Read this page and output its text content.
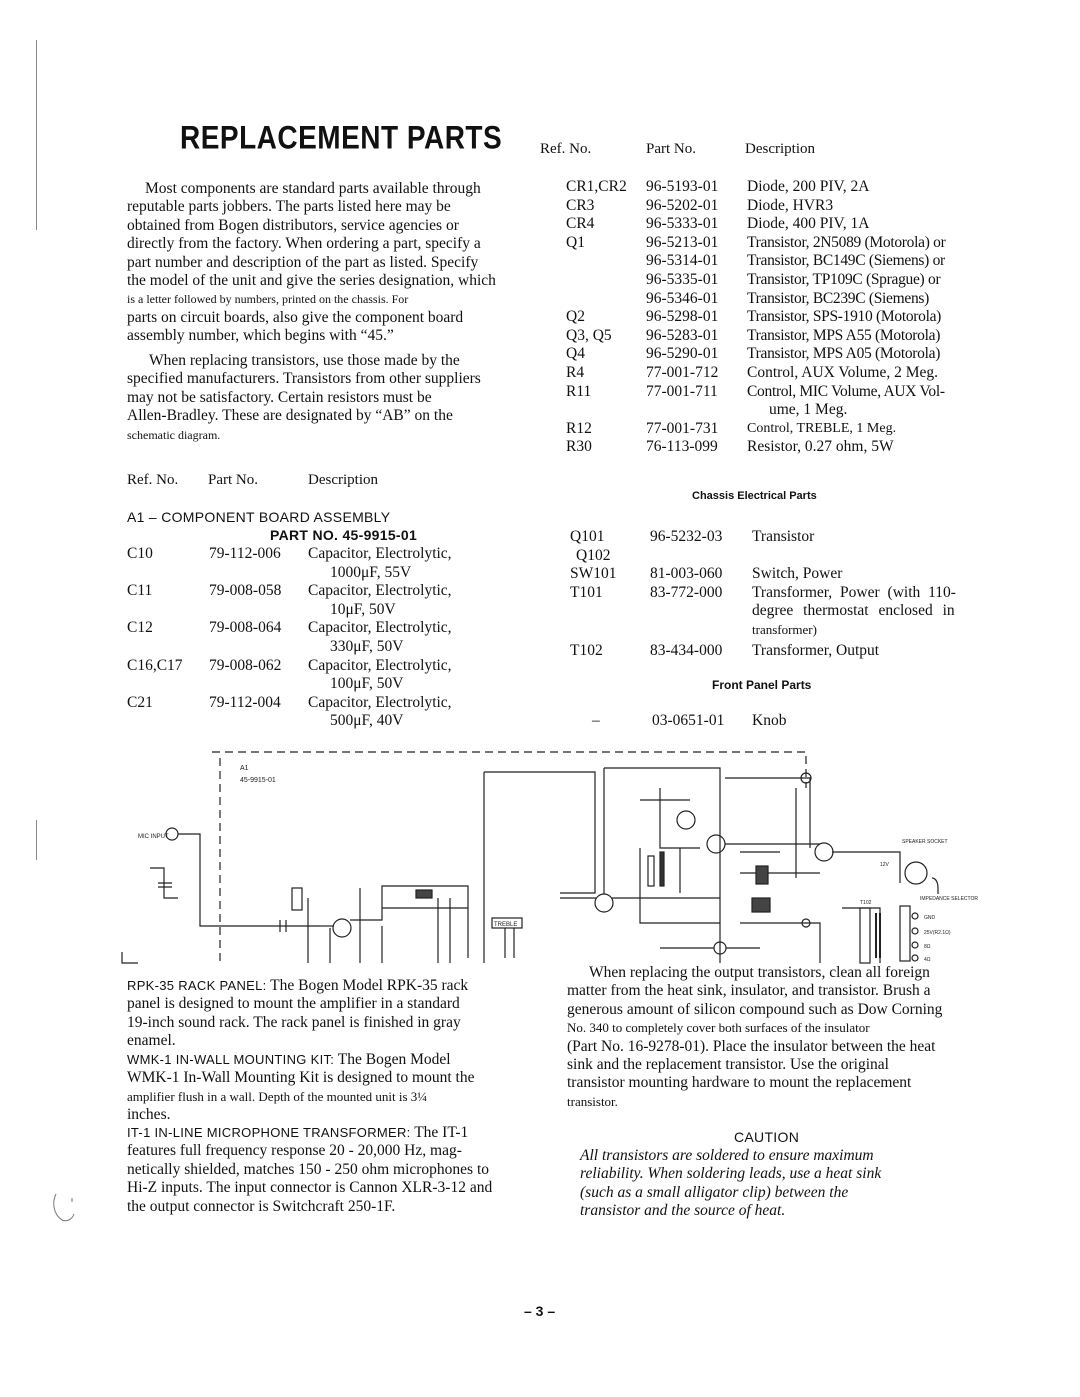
REPLACEMENT PARTS
Most components are standard parts available through
reputable parts jobbers. The parts listed here may be
obtained from Bogen distributors, service agencies or
directly from the factory. When ordering a part, specify a
part number and description of the part as listed. Specify
the model of the unit and give the series designation, which
is a letter followed by numbers, printed on the chassis. For
parts on circuit boards, also give the component board
assembly number, which begins with “45.”
When replacing transistors, use those made by the
specified manufacturers. Transistors from other suppliers
may not be satisfactory. Certain resistors must be
Allen-Bradley. These are designated by “AB” on the
schematic diagram.
Ref. No. Part No.	Description
A1 – COMPONENT BOARD ASSEMBLY
PART NO. 45-9915-01
C10	79-112-006 Capacitor, Electrolytic,
1000μF, 55V
C11	79-008-058 Capacitor, Electrolytic,
10μF, 50V
C12	79-008-064 Capacitor, Electrolytic,
330μF, 50V
C16,C17 79-008-062 Capacitor, Electrolytic,
100μF, 50V
C21	79-112-004 Capacitor, Electrolytic,
500μF, 40V
Ref. No.	Part No.	Description
CR1,CR2 96-5193-01 Diode, 200 PIV, 2A
CR3	96-5202-01 Diode, HVR3
CR4	96-5333-01 Diode, 400 PIV, 1A
Q1	96-5213-01 Transistor, 2N5089 (Motorola) or
96-5314-01 Transistor, BC149C (Siemens) or
96-5335-01 Transistor, TP109C (Sprague) or
96-5346-01 Transistor, BC239C (Siemens)
Q2	96-5298-01 Transistor, SPS-1910 (Motorola)
Q3, Q5 96-5283-01 Transistor, MPS A55 (Motorola)
Q4	96-5290-01 Transistor, MPS A05 (Motorola)
R4	77-001-712 Control, AUX Volume, 2 Meg.
R11	77-001-711 Control, MIC Volume, AUX Vol-
ume, 1 Meg.
R12	77-001-731 Control, TREBLE, 1 Meg.
R30	76-113-099 Resistor, 0.27 ohm, 5W
Chassis Electrical Parts
Q101	96-5232-03 Transistor
Q102
SW101 81-003-060 Switch, Power
T101	83-772-000 Transformer, Power (with 110-
degree thermostat enclosed in
transformer)
T102	83-434-000 Transformer, Output
Front Panel Parts
–	03-0651-01 Knob
A1
45-9915-01
MIC INPUT
TREBLE
SPEAKER SOCKET
12V
IMPEDANCE SELECTOR
T102
GND
25V(R2.1Ω)
8Ω
4Ω
RPK-35 RACK PANEL: The Bogen Model RPK-35 rack
panel is designed to mount the amplifier in a standard
19-inch sound rack. The rack panel is finished in gray
enamel.
WMK-1 IN-WALL MOUNTING KIT: The Bogen Model
WMK-1 In-Wall Mounting Kit is designed to mount the
amplifier flush in a wall. Depth of the mounted unit is 3¼
inches.
IT-1 IN-LINE MICROPHONE TRANSFORMER: The IT-1
features full frequency response 20 - 20,000 Hz, mag-
netically shielded, matches 150 - 250 ohm microphones to
Hi-Z inputs. The input connector is Cannon XLR-3-12 and
the output connector is Switchcraft 250-1F.
When replacing the output transistors, clean all foreign
matter from the heat sink, insulator, and transistor. Brush a
generous amount of silicon compound such as Dow Corning
No. 340 to completely cover both surfaces of the insulator
(Part No. 16-9278-01). Place the insulator between the heat
sink and the replacement transistor. Use the original
transistor mounting hardware to mount the replacement
transistor.
CAUTION
All transistors are soldered to ensure maximum
reliability. When soldering leads, use a heat sink
(such as a small alligator clip) between the
transistor and the source of heat.
– 3 –
